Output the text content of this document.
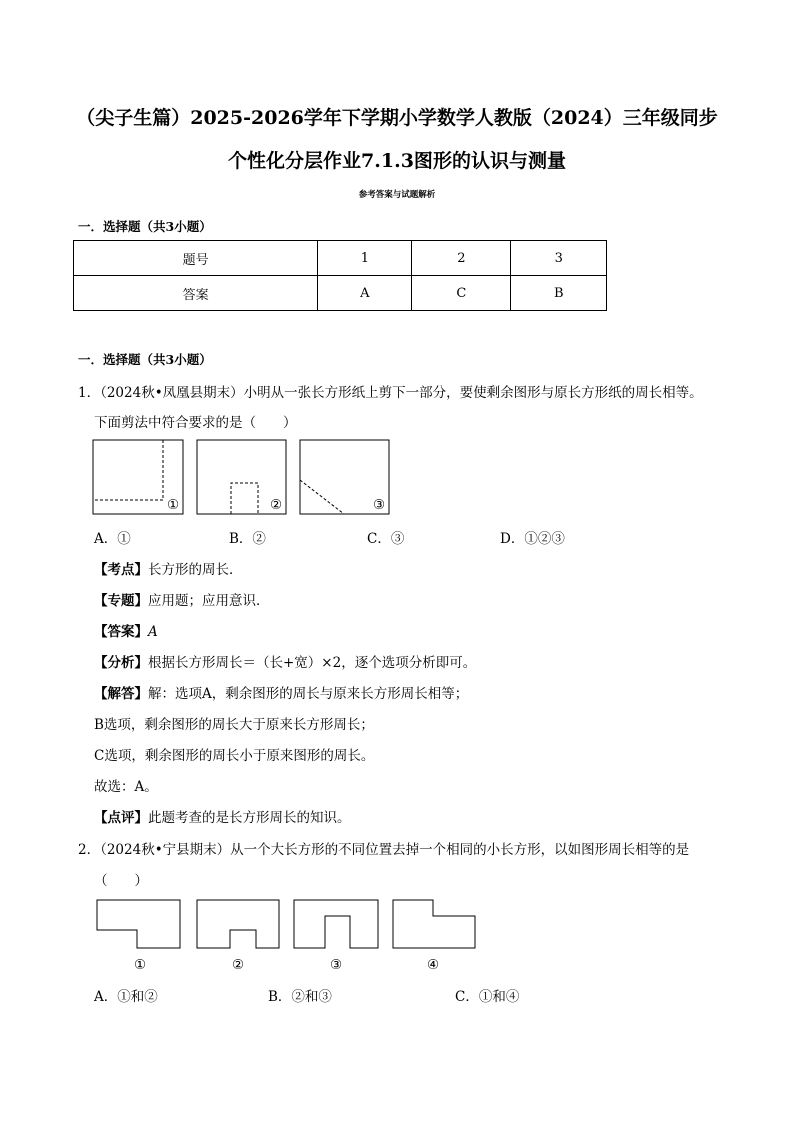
（尖子生篇）2025-2026学年下学期小学数学人教版（2024）三年级同步
个性化分层作业7.1.3图形的认识与测量
参考答案与试题解析
一．选择题（共3小题）
题号	1	2	3
答案	A	C	B
一．选择题（共3小题）
1．（2024秋•凤凰县期末）小明从一张长方形纸上剪下一部分，要使剩余图形与原长方形纸的周长相等。
下面剪法中符合要求的是（　　）
①	②	③
A．①	B．②	C．③	D．①②③
【考点】长方形的周长．
【专题】应用题；应用意识．
【答案】A
【分析】根据长方形周长＝（长+宽）×2，逐个选项分析即可。
【解答】解：选项A，剩余图形的周长与原来长方形周长相等；
B选项，剩余图形的周长大于原来长方形周长；
C选项，剩余图形的周长小于原来图形的周长。
故选：A。
【点评】此题考查的是长方形周长的知识。
2．（2024秋•宁县期末）从一个大长方形的不同位置去掉一个相同的小长方形，以如图形周长相等的是
（　　）
①	②	③	④
A．①和②	B．②和③	C．①和④
